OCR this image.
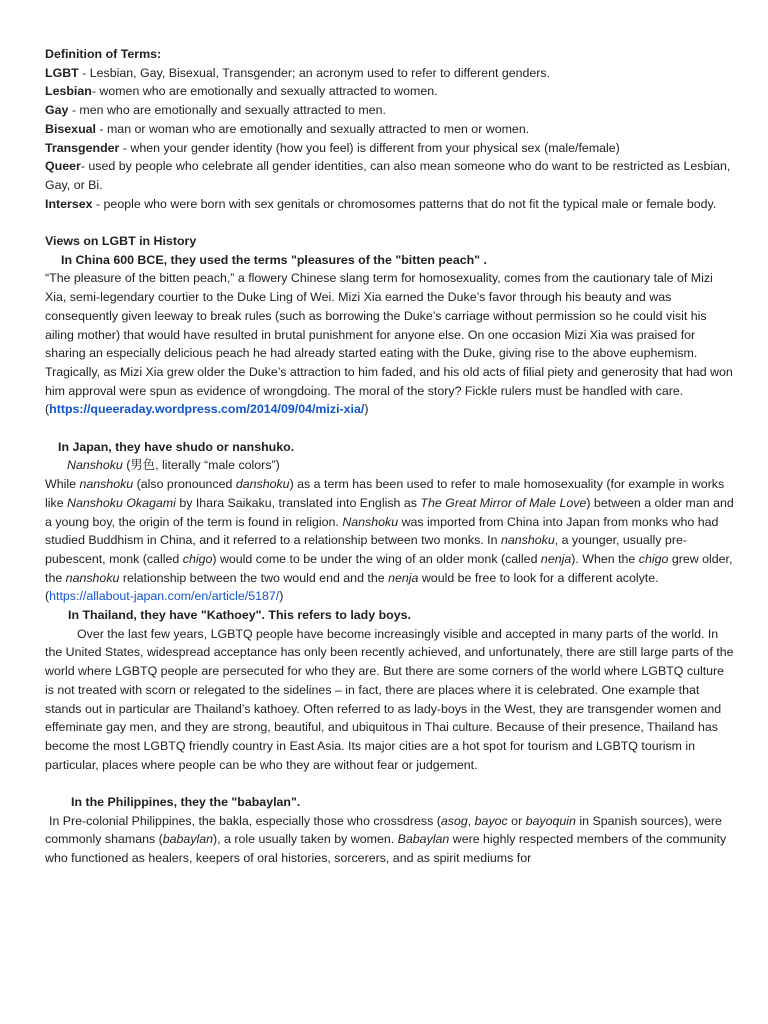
Definition of Terms:

LGBT - Lesbian, Gay, Bisexual, Transgender; an acronym used to refer to different genders.

Lesbian- women who are emotionally and sexually attracted to women.

Gay - men who are emotionally and sexually attracted to men.

Bisexual - man or woman who are emotionally and sexually attracted to men or women.

Transgender - when your gender identity (how you feel) is different from your physical sex (male/female)

Queer- used by people who celebrate all gender identities, can also mean someone who do want to be restricted as Lesbian, Gay, or Bi.

Intersex - people who were born with sex genitals or chromosomes patterns that do not fit the typical male or female body.

Views on LGBT in History

In China 600 BCE, they used the terms "pleasures of the "bitten peach" .

“The pleasure of the bitten peach,” a flowery Chinese slang term for homosexuality, comes from the cautionary tale of Mizi Xia, semi-legendary courtier to the Duke Ling of Wei. Mizi Xia earned the Duke’s favor through his beauty and was consequently given leeway to break rules (such as borrowing the Duke’s carriage without permission so he could visit his ailing mother) that would have resulted in brutal punishment for anyone else. On one occasion Mizi Xia was praised for sharing an especially delicious peach he had already started eating with the Duke, giving rise to the above euphemism. Tragically, as Mizi Xia grew older the Duke’s attraction to him faded, and his old acts of filial piety and generosity that had won him approval were spun as evidence of wrongdoing. The moral of the story? Fickle rulers must be handled with care. (https://queeraday.wordpress.com/2014/09/04/mizi-xia/)

In Japan, they have shudo or nanshuko.

Nanshoku (男色, literally “male colors”)

While nanshoku (also pronounced danshoku) as a term has been used to refer to male homosexuality (for example in works like Nanshoku Okagami by Ihara Saikaku, translated into English as The Great Mirror of Male Love) between a older man and a young boy, the origin of the term is found in religion. Nanshoku was imported from China into Japan from monks who had studied Buddhism in China, and it referred to a relationship between two monks. In nanshoku, a younger, usually pre-pubescent, monk (called chigo) would come to be under the wing of an older monk (called nenja). When the chigo grew older, the nanshoku relationship between the two would end and the nenja would be free to look for a different acolyte.

(https://allabout-japan.com/en/article/5187/)

In Thailand, they have "Kathoey". This refers to lady boys.

Over the last few years, LGBTQ people have become increasingly visible and accepted in many parts of the world. In the United States, widespread acceptance has only been recently achieved, and unfortunately, there are still large parts of the world where LGBTQ people are persecuted for who they are. But there are some corners of the world where LGBTQ culture is not treated with scorn or relegated to the sidelines – in fact, there are places where it is celebrated. One example that stands out in particular are Thailand’s kathoey. Often referred to as lady-boys in the West, they are transgender women and effeminate gay men, and they are strong, beautiful, and ubiquitous in Thai culture. Because of their presence, Thailand has become the most LGBTQ friendly country in East Asia. Its major cities are a hot spot for tourism and LGBTQ tourism in particular, places where people can be who they are without fear or judgement.

In the Philippines, they the "babaylan".

In Pre-colonial Philippines, the bakla, especially those who crossdress (asog, bayoc or bayoquin in Spanish sources), were commonly shamans (babaylan), a role usually taken by women. Babaylan were highly respected members of the community who functioned as healers, keepers of oral histories, sorcerers, and as spirit mediums for
